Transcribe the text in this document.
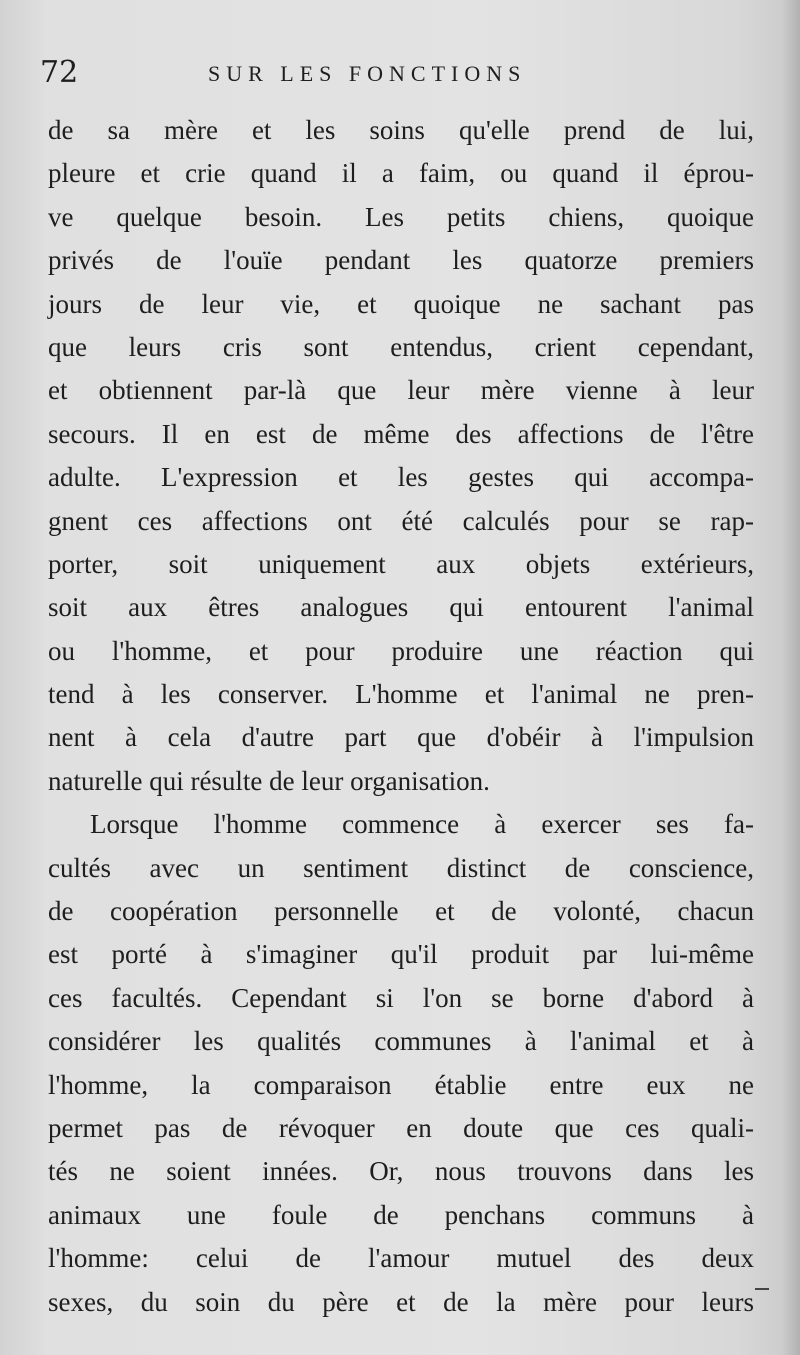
72	SUR LES FONCTIONS
de sa mère et les soins qu'elle prend de lui,
pleure et crie quand il a faim, ou quand il éprou-
ve quelque besoin. Les petits chiens, quoique
privés de l'ouïe pendant les quatorze premiers
jours de leur vie, et quoique ne sachant pas
que leurs cris sont entendus, crient cependant,
et obtiennent par-là que leur mère vienne à leur
secours. Il en est de même des affections de l'être
adulte. L'expression et les gestes qui accompa-
gnent ces affections ont été calculés pour se rap-
porter, soit uniquement aux objets extérieurs,
soit aux êtres analogues qui entourent l'animal
ou l'homme, et pour produire une réaction qui
tend à les conserver. L'homme et l'animal ne pren-
nent à cela d'autre part que d'obéir à l'impulsion
naturelle qui résulte de leur organisation.
Lorsque l'homme commence à exercer ses fa-
cultés avec un sentiment distinct de conscience,
de coopération personnelle et de volonté, chacun
est porté à s'imaginer qu'il produit par lui-même
ces facultés. Cependant si l'on se borne d'abord à
considérer les qualités communes à l'animal et à
l'homme, la comparaison établie entre eux ne
permet pas de révoquer en doute que ces quali-
tés ne soient innées. Or, nous trouvons dans les
animaux une foule de penchans communs à
l'homme: celui de l'amour mutuel des deux
sexes, du soin du père et de la mère pour leurs
